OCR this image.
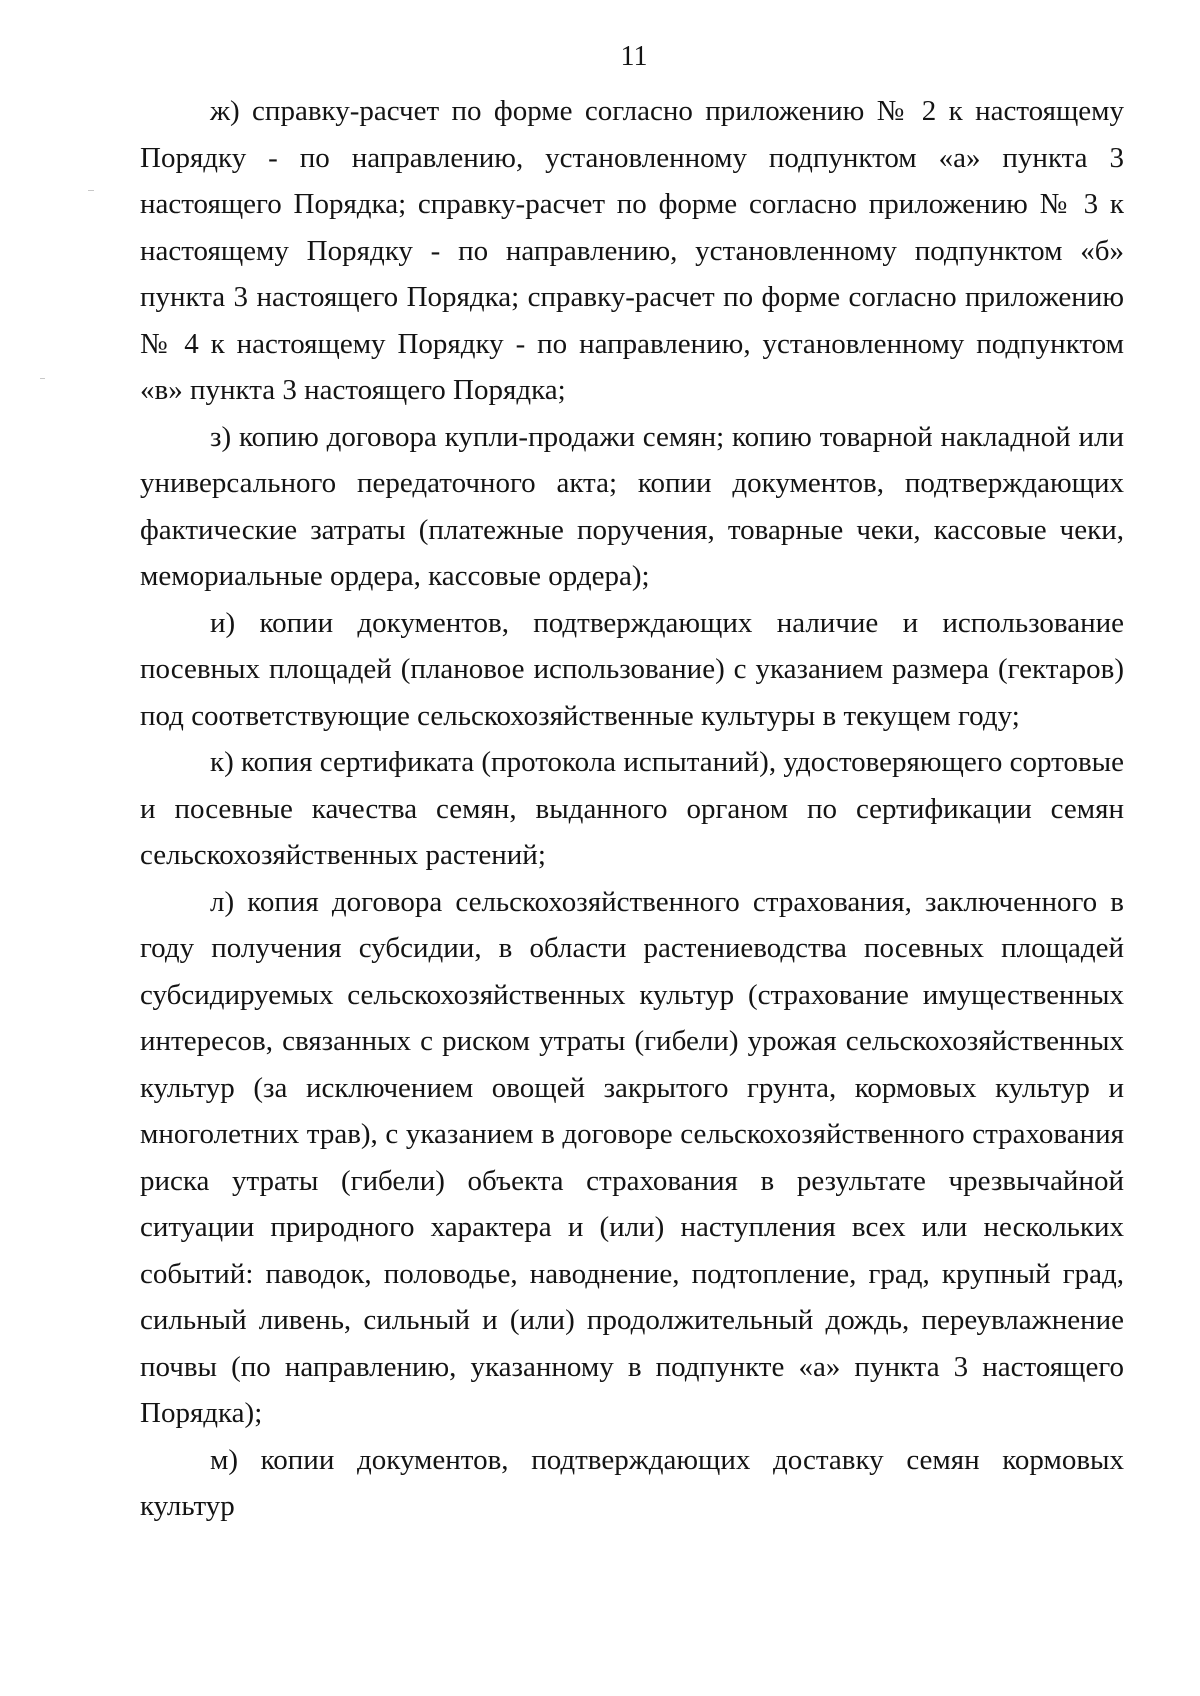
11

ж) справку-расчет по форме согласно приложению № 2 к настоящему Порядку - по направлению, установленному подпунктом «а» пункта 3 настоящего Порядка; справку-расчет по форме согласно приложению № 3 к настоящему Порядку - по направлению, установленному подпунктом «б» пункта 3 настоящего Порядка; справку-расчет по форме согласно приложению № 4 к настоящему Порядку - по направлению, установленному подпунктом «в» пункта 3 настоящего Порядка;

з) копию договора купли-продажи семян; копию товарной накладной или универсального передаточного акта; копии документов, подтверждающих фактические затраты (платежные поручения, товарные чеки, кассовые чеки, мемориальные ордера, кассовые ордера);

и) копии документов, подтверждающих наличие и использование посевных площадей (плановое использование) с указанием размера (гектаров) под соответствующие сельскохозяйственные культуры в текущем году;

к) копия сертификата (протокола испытаний), удостоверяющего сортовые и посевные качества семян, выданного органом по сертификации семян сельскохозяйственных растений;

л) копия договора сельскохозяйственного страхования, заключенного в году получения субсидии, в области растениеводства посевных площадей субсидируемых сельскохозяйственных культур (страхование имущественных интересов, связанных с риском утраты (гибели) урожая сельскохозяйственных культур (за исключением овощей закрытого грунта, кормовых культур и многолетних трав), с указанием в договоре сельскохозяйственного страхования риска утраты (гибели) объекта страхования в результате чрезвычайной ситуации природного характера и (или) наступления всех или нескольких событий: паводок, половодье, наводнение, подтопление, град, крупный град, сильный ливень, сильный и (или) продолжительный дождь, переувлажнение почвы (по направлению, указанному в подпункте «а» пункта 3 настоящего Порядка);

м) копии документов, подтверждающих доставку семян кормовых культур
